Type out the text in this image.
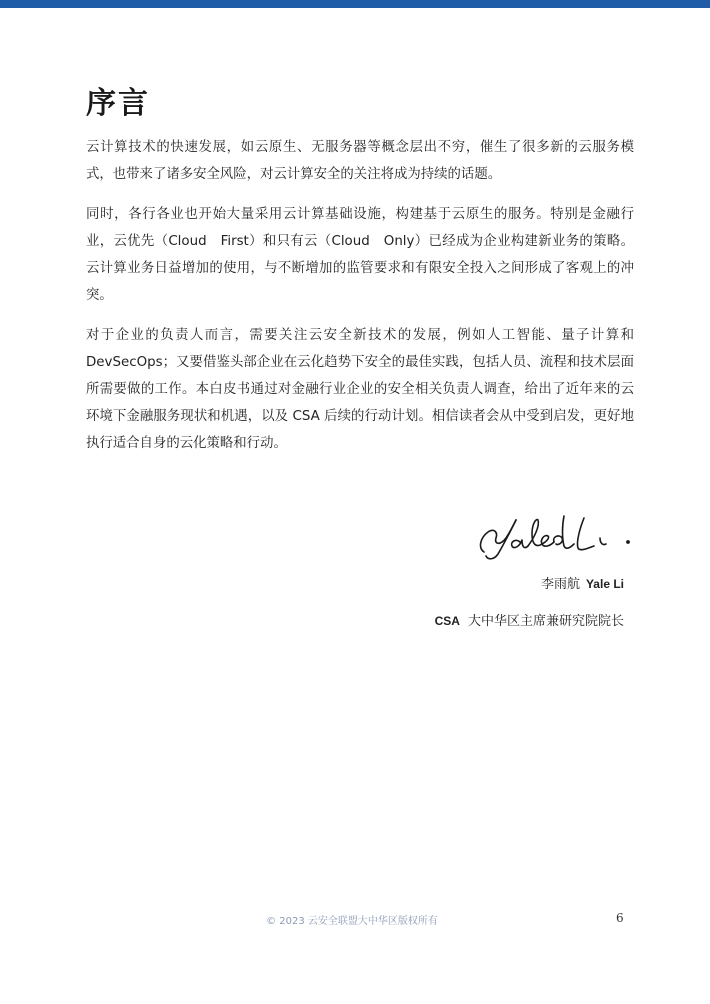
序言

云计算技术的快速发展，如云原生、无服务器等概念层出不穷，催生了很多新的云服务模式，也带来了诸多安全风险，对云计算安全的关注将成为持续的话题。

同时，各行各业也开始大量采用云计算基础设施，构建基于云原生的服务。特别是金融行业，云优先（Cloud　First）和只有云（Cloud　Only）已经成为企业构建新业务的策略。云计算业务日益增加的使用，与不断增加的监管要求和有限安全投入之间形成了客观上的冲突。

对于企业的负责人而言，需要关注云安全新技术的发展，例如人工智能、量子计算和 DevSecOps；又要借鉴头部企业在云化趋势下安全的最佳实践，包括人员、流程和技术层面所需要做的工作。本白皮书通过对金融行业企业的安全相关负责人调查，给出了近年来的云环境下金融服务现状和机遇，以及 CSA 后续的行动计划。相信读者会从中受到启发，更好地执行适合自身的云化策略和行动。

李雨航 Yale Li
CSA 大中华区主席兼研究院院长
© 2023 云安全联盟大中华区版权所有	6
